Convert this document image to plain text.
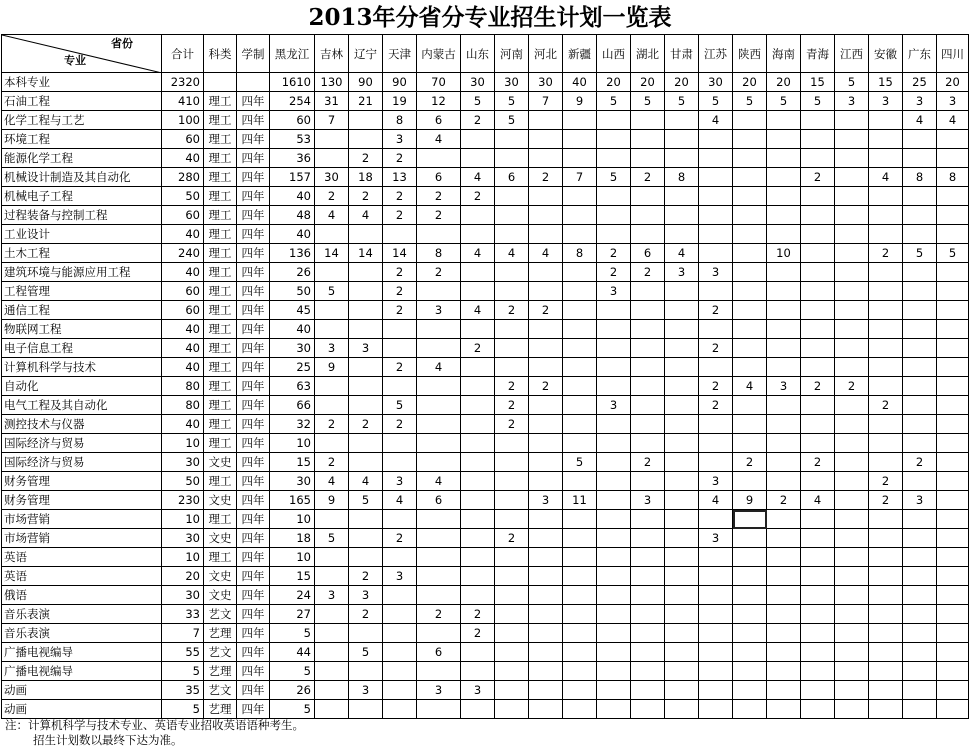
2013年分省分专业招生计划一览表
省份
专业	合计	科类	学制	黑龙江	吉林	辽宁	天津	内蒙古	山东	河南	河北	新疆	山西	湖北	甘肃	江苏	陕西	海南	青海	江西	安徽	广东	四川
本科专业	2320			1610	130	90	90	70	30	30	30	40	20	20	20	30	20	20	15	5	15	25	20
石油工程	410	理工	四年	254	31	21	19	12	5	5	7	9	5	5	5	5	5	5	5	3	3	3	3
化学工程与工艺	100	理工	四年	60	7		8	6	2	5						4						4	4
环境工程	60	理工	四年	53			3	4															
能源化学工程	40	理工	四年	36		2	2																
机械设计制造及其自动化	280	理工	四年	157	30	18	13	6	4	6	2	7	5	2	8				2		4	8	8
机械电子工程	50	理工	四年	40	2	2	2	2	2														
过程装备与控制工程	60	理工	四年	48	4	4	2	2															
工业设计	40	理工	四年	40																			
土木工程	240	理工	四年	136	14	14	14	8	4	4	4	8	2	6	4			10			2	5	5
建筑环境与能源应用工程	40	理工	四年	26			2	2					2	2	3	3							
工程管理	60	理工	四年	50	5		2						3										
通信工程	60	理工	四年	45			2	3	4	2	2					2							
物联网工程	40	理工	四年	40																			
电子信息工程	40	理工	四年	30	3	3			2							2							
计算机科学与技术	40	理工	四年	25	9		2	4															
自动化	80	理工	四年	63						2	2					2	4	3	2	2			
电气工程及其自动化	80	理工	四年	66			5			2			3			2					2		
测控技术与仪器	40	理工	四年	32	2	2	2			2													
国际经济与贸易	10	理工	四年	10																			
国际经济与贸易	30	文史	四年	15	2							5		2			2		2			2	
财务管理	50	理工	四年	30	4	4	3	4								3					2		
财务管理	230	文史	四年	165	9	5	4	6			3	11		3		4	9	2	4		2	3	
市场营销	10	理工	四年	10																			
市场营销	30	文史	四年	18	5		2			2						3							
英语	10	理工	四年	10																			
英语	20	文史	四年	15		2	3																
俄语	30	文史	四年	24	3	3																	
音乐表演	33	艺文	四年	27		2		2	2														
音乐表演	7	艺理	四年	5					2														
广播电视编导	55	艺文	四年	44		5		6															
广播电视编导	5	艺理	四年	5																			
动画	35	艺文	四年	26		3		3	3														
动画	5	艺理	四年	5																			
注：计算机科学与技术专业、英语专业招收英语语种考生。
招生计划数以最终下达为准。
